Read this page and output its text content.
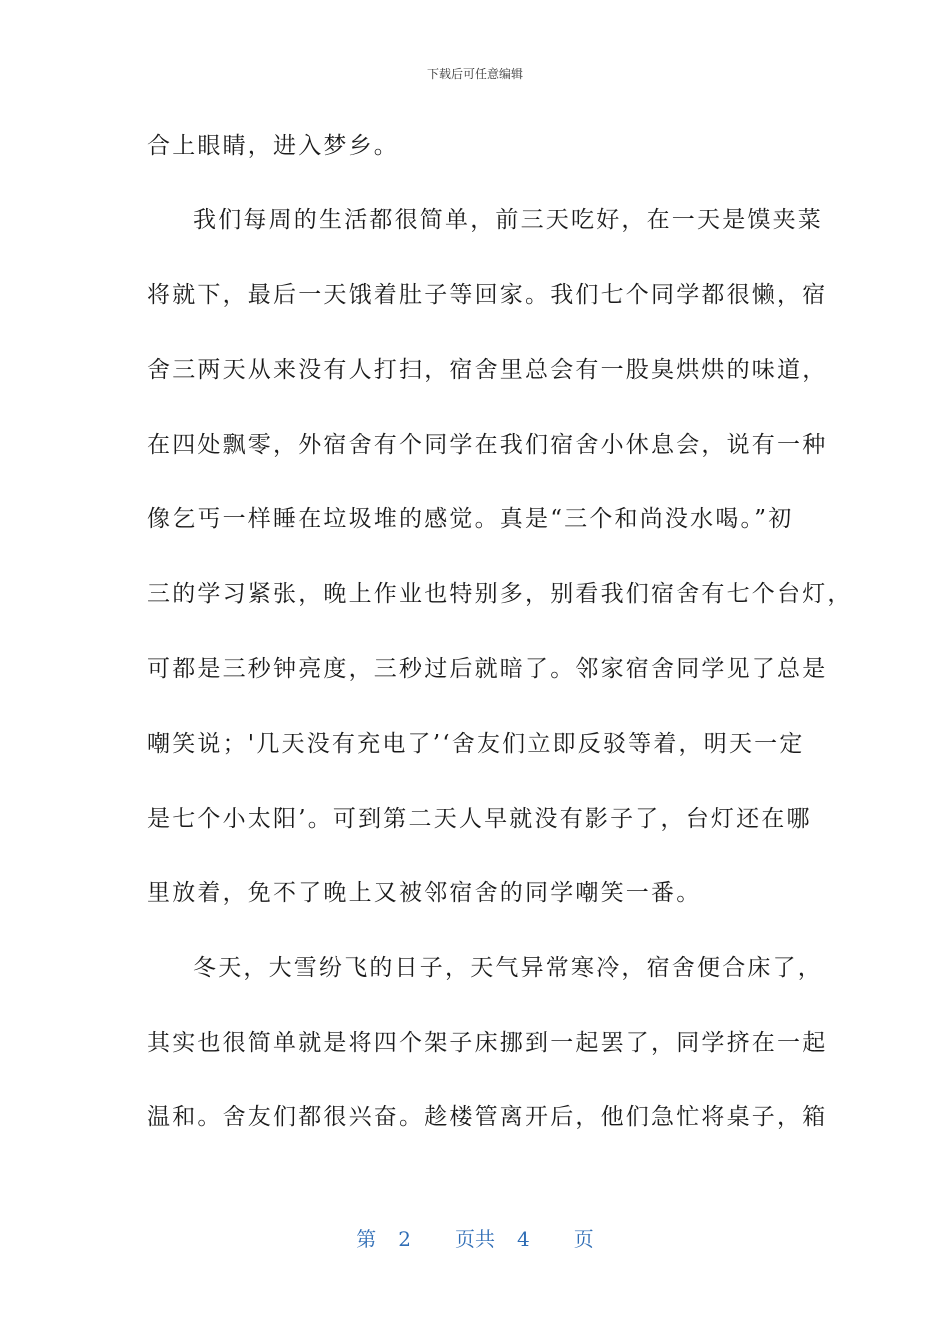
下载后可任意编辑
合上眼睛，进入梦乡。
我们每周的生活都很简单，前三天吃好，在一天是馍夹菜
将就下，最后一天饿着肚子等回家。我们七个同学都很懒，宿
舍三两天从来没有人打扫，宿舍里总会有一股臭烘烘的味道，
在四处飘零，外宿舍有个同学在我们宿舍小休息会，说有一种
像乞丐一样睡在垃圾堆的感觉。真是“三个和尚没水喝。”初
三的学习紧张，晚上作业也特别多，别看我们宿舍有七个台灯，
可都是三秒钟亮度，三秒过后就暗了。邻家宿舍同学见了总是
嘲笑说；'几天没有充电了’‘舍友们立即反驳等着，明天一定
是七个小太阳’。可到第二天人早就没有影子了，台灯还在哪
里放着，免不了晚上又被邻宿舍的同学嘲笑一番。
冬天，大雪纷飞的日子，天气异常寒冷，宿舍便合床了，
其实也很简单就是将四个架子床挪到一起罢了，同学挤在一起
温和。舍友们都很兴奋。趁楼管离开后，他们急忙将桌子，箱
第 2 页共 4 页
